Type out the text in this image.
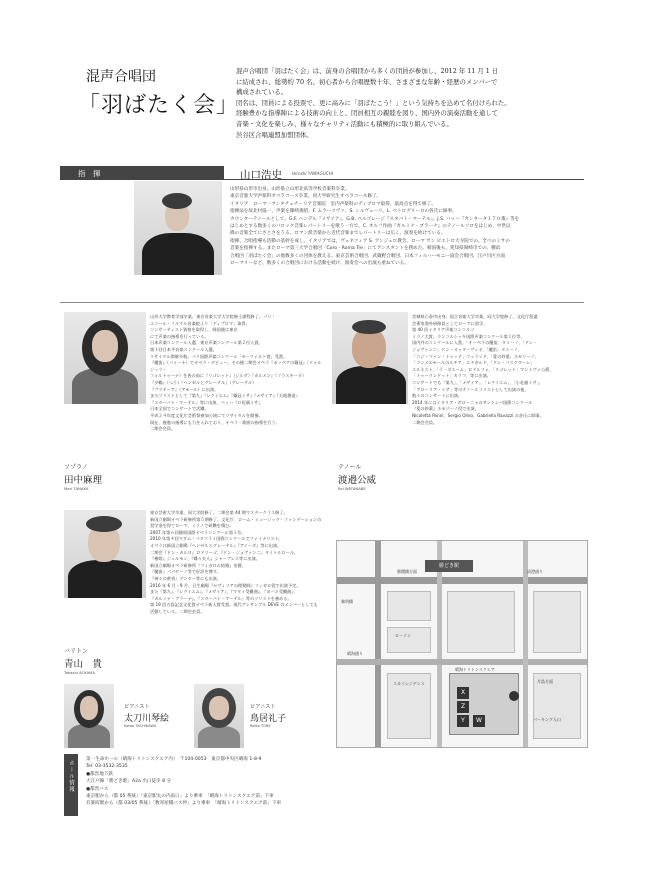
混声合唱団
「羽ばたく会」
混声合唱団「羽ばたく会」は、前身の合唱団から多くの団員が参加し、2012 年 11 月 1 日
に結成され、総勢約 70 名、初心者から合唱歴数十年、さまざまな年齢・経歴のメンバーで
構成されている。
団名は、団員による投票で、更に高みに「羽ばたこう！」という気持ちを込めて名付けられた。
経験豊かな指導陣による技術の向上と、団員相互の親睦を図り、国内外の演奏活動を通して
音楽・文化を楽しみ、様々なチャリティ活動にも積極的に取り組んでいる。
渋谷区合唱連盟加盟団体。
指　揮	山口浩史 Hiroshi YAMAGUCHI
山形県山形市出身。山形県立山形北高等学校音楽科卒業。
東京音楽大学声楽科オペラコース卒業、同大学研究生オペラコース修了。
イタリア　ローマ・サンタチェチーリア音楽院　室内声楽科のディプロマ取得、最高点を得て修了。
指揮法を故北村協一、声楽を篠崎義昭、F. ムラーツヴァ、S. シルヴェーリ、L. ペトログリーロの各氏に師事。
カウンターテノールとして、G.F. ヘンデル『メサイア』、G.B. ペルゴレージ『スタバト・マーテル』、J.S. バッハ『カンタータ１７０番』等を
はじめとする数多くのバロック音楽レパートリーを歌う一方で、C. オルフ作曲『カルミナ・ブラーナ』のテノールソロをはじめ、中世以
降の音楽全てにさとさをうる。ロマン派音楽から近代音楽までレパートリーは広く、演奏を続けている。
指揮、合唱指導も活動の基幹を成し、イタリアでは、ヴェネツィア S. アンジェロ教会、ローマ サン ピエトロ大寺院での、全べのミサの
音楽を指揮する。またローマ第三大学合唱団「Coro - Roma Tre」にてアシスタントを務めた。帰国後も、愛知県岡崎市での、横浜
合唱団「羽ばたく会」の他数多くの団体を教える。東京芸術合唱団、武蔵野合唱団、日本フィルハーモニー協会合唱団、江戸川区方面
ローマリーなど、数多くの合唱団における活動を続け、演奏会への出演も重ねている。
ソプラノ
田中麻理
Mari TANAKA
山形大学教育学部卒業。東京音楽大学大学院修士課程修了。パリ・
エコール・ノルマル音楽院より「ディプロマ」取得。
コンサーティスト資格を取得し、帰国後は東京
にて声楽の指導を行っている。
日本声楽コンクール入選、東京声楽コンクール第２位入賞。
第１回日本平音楽コンクール入選。
リサイタル開催多数。パリ国際声楽コンクール「モーツァルト賞」受賞。
『魔笛』（パミーナ）でオペラ・デビュー。その後二期会オペラ『ポッペアの戴冠』（ドゥルジッラ・
フォルトゥーナ）を皆の前に『リゴレット』（ジルダ）『カルメン』（フラスキータ）
『夕鶴』（つう）『ヘンゼルとグレーテル』（グレーテル）
『プラテーア』（アモール）に出演。
またソリストとして『第九』『レクイエム』『戴冠ミサ』『メサイア』『天地創造』
『スターバト・マーテル』等に出演、バッハ『ロ短調ミサ』
日本全国でコンサートで活躍。
平成２４年度文化庁芸術祭参加公演にてリサイタルを開催。
現在、後進の指導にも力を入れており、オペラ・歌曲の指導を行う。
二期会会員。
テノール
渡邉公威
Koi WATANABE
宮城県石巻市出身。国立音楽大学卒業、同大学院修了。文化庁派遣
芸術家海外研修員としてローマに留学。
第 40 回イタリア声楽コンコルソ
ミラノ大賞、ランコルシッキ国際声楽コンクール第１位等、
国内外のコンクールに入賞。「オーペラの魔笛」タミーノ、「ドン・
ジョヴァンニ」ドン・オッターヴィオ、「魔笛」タミーノ、
「コジ・ファン・トゥッテ」フェランド、「愛の妙薬」ネモリーノ、
「ランメルモールのルチア」エドガルド、「ドン・パスクワーレ」
エルネスト、「ラ・ボエーム」ロドルフォ、「リゴレット」マントヴァ公爵、
「トゥーランドット」カラフ、等に出演。
コンサートでも「第九」、「メサイア」、「レクイエム」、「小荘厳ミサ」、
「グローリア・ミサ」等のテノールソリストとして出演の他、
数々のコンサートに出演。
2014 年にはイタリア・ボローニャのサントンバ国際コンクール
『愛の妙薬』ネモリーノ役で出演。
Nicoletta Panni、Sergio Olivo、Gabriella Ravazzi の各氏に師事。
二期会会員。
バリトン
青山　貴
Takashi AOYAMA
東京芸術大学卒業、同大学院修了。二期会第 44 期マスタークラス修了。
新国立劇場オペラ研修所第５期修了。文化庁、ローム・ミュージック・ファンデーションの
奨学金を得てローマ、ミラノで研鑽を積む。
2007 年第６回静岡国際オペラコンクール第１位。
2010 年第４回マダム・バタフライ国際コンクールでファイナリスト。
オペラは新国立劇場『ヘンゼルとグレーテル』『アイーダ』等に出演。
二期会『ドン・カルロ』ロドリーゴ、『ドン・ジョヴァンニ』タイトルロール、
『椿姫』ジェルモン、『蝶々夫人』シャープレス等に出演。
新国立劇場オペラ研修所『フィガロの結婚』伯爵、
『魔笛』パパゲーノ等で好評を博す。
『神々の黄昏』グンター等にも出演。
2016 年 6 月・9 月、日生劇場『セヴィリアの理髪師』フィガロ役で出演予定。
また『第九』、『レクイエム』、『メサイア』、『マタイ受難曲』、『ヨハネ受難曲』、
『カルミナ・ブラーナ』、『スターバト・マーテル』等のソリストを務める。
第 19 回五島記念文化賞オペラ新人賞受賞。現代アンサンブル DEVE のメンバーとしても
活動している。二期会会員。
ピアニスト
太刀川琴絵
Kotoe TACHIKAWA
ピアニスト
鳥居礼子
Reiko TORII
勝どき駅
勝鬨橋方面	清澄通り
晴海通り
黎明橋
ローソン
スカイレジデンス
晴海トリトンスクエア
月島方面
パーキング入口
X
Z
Y	W
ホール情報
第一生命ホール（晴海トリトンスクエア内）　〒104-0053　東京都中央区晴海 1-8-9
Tel: 03-3532-3535
●都営地下鉄
大江戸線「勝どき駅」A2a 出口徒歩 8 分
●都営バス
東京駅から（都 05 系統）「東京駅丸の内南口」より乗車　「晴海トリトンスクエア前」下車
有楽町駅から（都 03/05 系統）「数寄屋橋バス停」より乗車　「晴海トリトンスクエア前」下車
